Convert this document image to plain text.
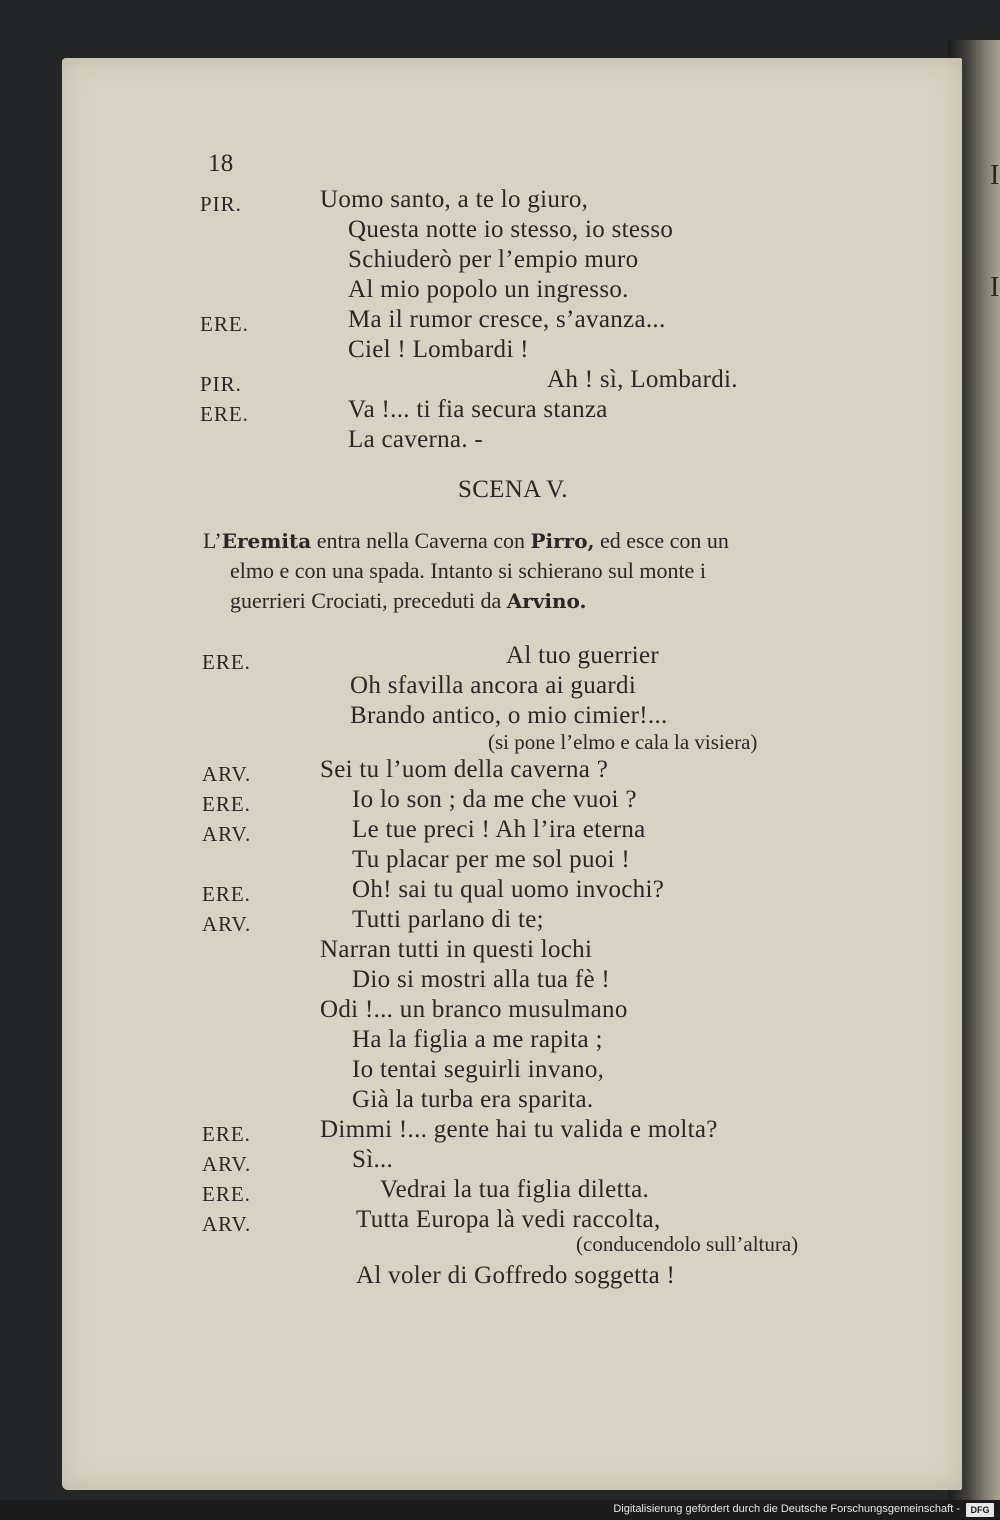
I
I
18
PIR.	Uomo santo, a te lo giuro,
Questa notte io stesso, io stesso
Schiuderò per l’empio muro
Al mio popolo un ingresso.
ERE.	Ma il rumor cresce, s’avanza...
Ciel ! Lombardi !
PIR.	Ah ! sì, Lombardi.
ERE.	Va !... ti fia secura stanza
La caverna. -
SCENA V.
L’Eremita entra nella Caverna con Pirro, ed esce con un
elmo e con una spada. Intanto si schierano sul monte i
guerrieri Crociati, preceduti da Arvino.
ERE.	Al tuo guerrier
Oh sfavilla ancora ai guardi
Brando antico, o mio cimier!...
(si pone l’elmo e cala la visiera)
ARV.	Sei tu l’uom della caverna ?
ERE.	Io lo son ; da me che vuoi ?
ARV.	Le tue preci ! Ah l’ira eterna
Tu placar per me sol puoi !
ERE.	Oh! sai tu qual uomo invochi?
ARV.	Tutti parlano di te;
Narran tutti in questi lochi
Dio si mostri alla tua fè !
Odi !... un branco musulmano
Ha la figlia a me rapita ;
Io tentai seguirli invano,
Già la turba era sparita.
ERE.	Dimmi !... gente hai tu valida e molta?
ARV.	Sì...
ERE.	Vedrai la tua figlia diletta.
ARV.	Tutta Europa là vedi raccolta,
(conducendolo sull’altura)
Al voler di Goffredo soggetta !
Digitalisierung gefördert durch die Deutsche Forschungsgemeinschaft -	DFG
